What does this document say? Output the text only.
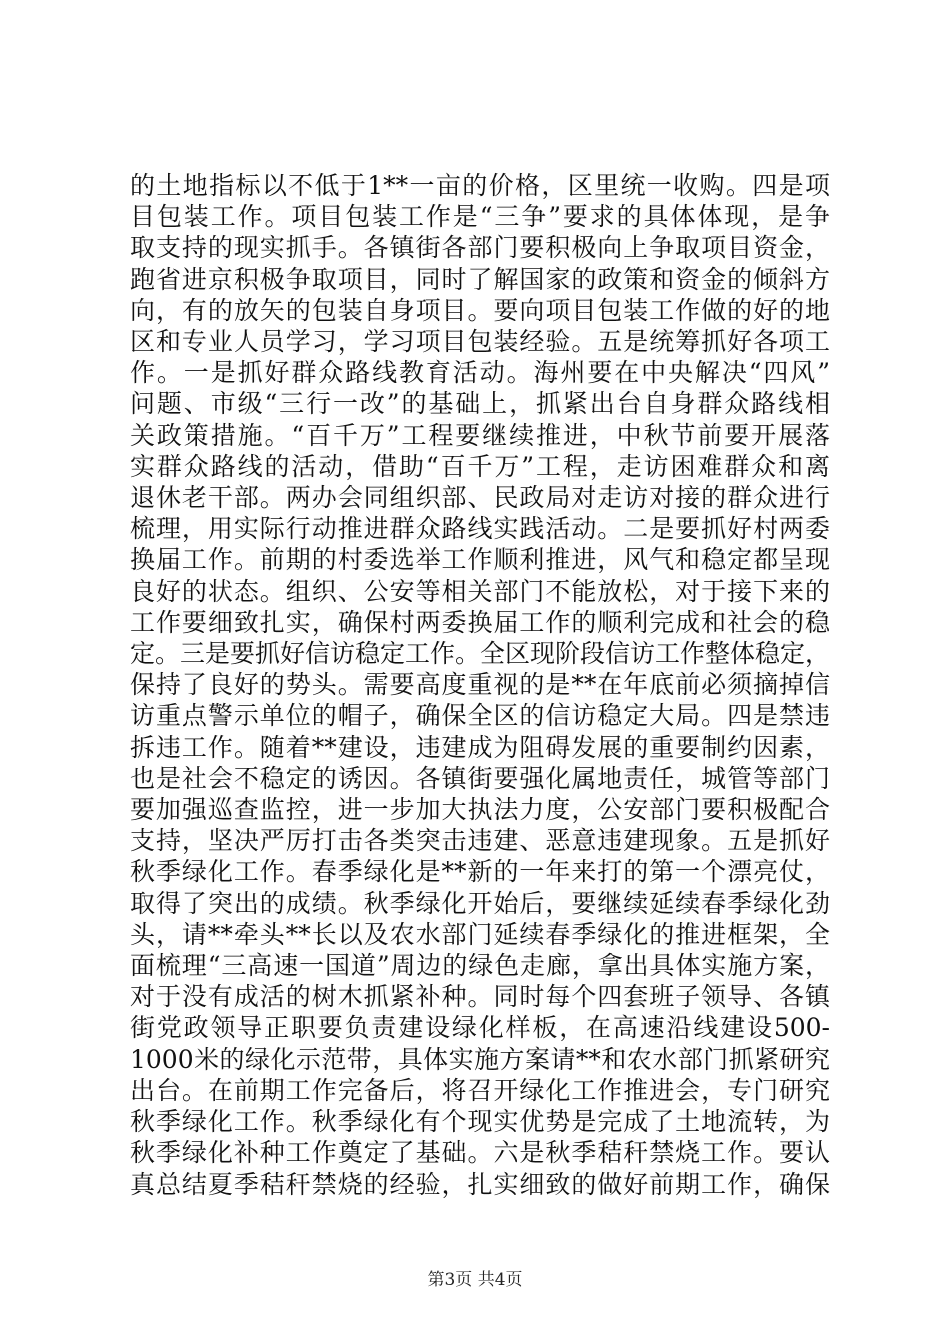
的土地指标以不低于1**一亩的价格，区里统一收购。四是项
目包装工作。项目包装工作是“三争”要求的具体体现，是争
取支持的现实抓手。各镇街各部门要积极向上争取项目资金，
跑省进京积极争取项目，同时了解国家的政策和资金的倾斜方
向，有的放矢的包装自身项目。要向项目包装工作做的好的地
区和专业人员学习，学习项目包装经验。五是统筹抓好各项工
作。一是抓好群众路线教育活动。海州要在中央解决“四风”
问题、市级“三行一改”的基础上，抓紧出台自身群众路线相
关政策措施。“百千万”工程要继续推进，中秋节前要开展落
实群众路线的活动，借助“百千万”工程，走访困难群众和离
退休老干部。两办会同组织部、民政局对走访对接的群众进行
梳理，用实际行动推进群众路线实践活动。二是要抓好村两委
换届工作。前期的村委选举工作顺利推进，风气和稳定都呈现
良好的状态。组织、公安等相关部门不能放松，对于接下来的
工作要细致扎实，确保村两委换届工作的顺利完成和社会的稳
定。三是要抓好信访稳定工作。全区现阶段信访工作整体稳定，
保持了良好的势头。需要高度重视的是**在年底前必须摘掉信
访重点警示单位的帽子，确保全区的信访稳定大局。四是禁违
拆违工作。随着**建设，违建成为阻碍发展的重要制约因素，
也是社会不稳定的诱因。各镇街要强化属地责任，城管等部门
要加强巡查监控，进一步加大执法力度，公安部门要积极配合
支持，坚决严厉打击各类突击违建、恶意违建现象。五是抓好
秋季绿化工作。春季绿化是**新的一年来打的第一个漂亮仗，
取得了突出的成绩。秋季绿化开始后，要继续延续春季绿化劲
头，请**牵头**长以及农水部门延续春季绿化的推进框架，全
面梳理“三高速一国道”周边的绿色走廊，拿出具体实施方案，
对于没有成活的树木抓紧补种。同时每个四套班子领导、各镇
街党政领导正职要负责建设绿化样板，在高速沿线建设500-
1000米的绿化示范带，具体实施方案请**和农水部门抓紧研究
出台。在前期工作完备后，将召开绿化工作推进会，专门研究
秋季绿化工作。秋季绿化有个现实优势是完成了土地流转，为
秋季绿化补种工作奠定了基础。六是秋季秸秆禁烧工作。要认
真总结夏季秸秆禁烧的经验，扎实细致的做好前期工作，确保
第3页 共4页
